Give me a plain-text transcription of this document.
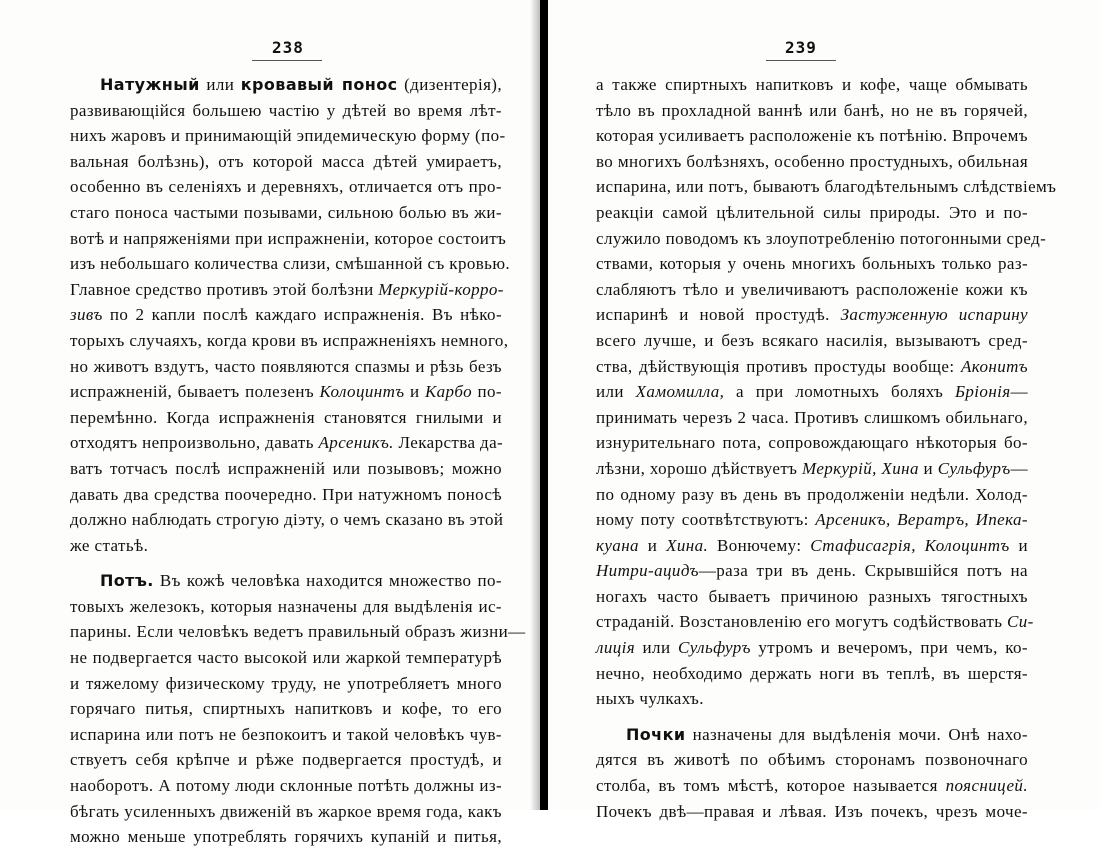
238
Натужный или кровавый понос (дизентерія),
развивающійся большею частію у дѣтей во время лѣт-
нихъ жаровъ и принимающій эпидемическую форму (по-
вальная болѣзнь), отъ которой масса дѣтей умираетъ,
особенно въ селеніяхъ и деревняхъ, отличается отъ про-
стаго поноса частыми позывами, сильною болью въ жи-
вотѣ и напряженіями при испражненіи, которое состоитъ
изъ небольшаго количества слизи, смѣшанной съ кровью.
Главное средство противъ этой болѣзни Меркурій-корро-
зивъ по 2 капли послѣ каждаго испражненія. Въ нѣко-
торыхъ случаяхъ, когда крови въ испражненіяхъ немного,
но животъ вздутъ, часто появляются спазмы и рѣзь безъ
испражненій, бываетъ полезенъ Колоцинтъ и Карбо по-
перемѣнно. Когда испражненія становятся гнилыми и
отходятъ непроизвольно, давать Арсеникъ. Лекарства да-
ватъ тотчасъ послѣ испражненій или позывовъ; можно
давать два средства поочередно. При натужномъ поносѣ
должно наблюдать строгую діэту, о чемъ сказано въ этой
же статьѣ.
Потъ. Въ кожѣ человѣка находится множество по-
товыхъ железокъ, которыя назначены для выдѣленія ис-
парины. Если человѣкъ ведетъ правильный образъ жизни—
не подвергается часто высокой или жаркой температурѣ
и тяжелому физическому труду, не употребляетъ много
горячаго питья, спиртныхъ напитковъ и кофе, то его
испарина или потъ не безпокоитъ и такой человѣкъ чув-
ствуетъ себя крѣпче и рѣже подвергается простудѣ, и
наоборотъ. А потому люди склонные потѣть должны из-
бѣгать усиленныхъ движеній въ жаркое время года, какъ
можно меньше употреблять горячихъ купаній и питья,
239
а также спиртныхъ напитковъ и кофе, чаще обмывать
тѣло въ прохладной ваннѣ или банѣ, но не въ горячей,
которая усиливаетъ расположеніе къ потѣнію. Впрочемъ
во многихъ болѣзняхъ, особенно простудныхъ, обильная
испарина, или потъ, бываютъ благодѣтельнымъ слѣдствіемъ
реакціи самой цѣлительной силы природы. Это и по-
служило поводомъ къ злоупотребленію потогонными сред-
ствами, которыя у очень многихъ больныхъ только раз-
слабляютъ тѣло и увеличиваютъ расположеніе кожи къ
испаринѣ и новой простудѣ. Застуженную испарину
всего лучше, и безъ всякаго насилія, вызываютъ сред-
ства, дѣйствующія противъ простуды вообще: Аконитъ
или Хамомилла, а при ломотныхъ боляхъ Бріонія—
принимать черезъ 2 часа. Противъ слишкомъ обильнаго,
изнурительнаго пота, сопровождающаго нѣкоторыя бо-
лѣзни, хорошо дѣйствуетъ Меркурій, Хина и Сульфуръ—
по одному разу въ день въ продолженіи недѣли. Холод-
ному поту соотвѣтствуютъ: Арсеникъ, Вератръ, Ипека-
куана и Хина. Вонючему: Стафисагрія, Колоцинтъ и
Нитри-ацидъ—раза три въ день. Скрывшійся потъ на
ногахъ часто бываетъ причиною разныхъ тягостныхъ
страданій. Возстановленію его могутъ содѣйствовать Си-
лиція или Сульфуръ утромъ и вечеромъ, при чемъ, ко-
нечно, необходимо держать ноги въ теплѣ, въ шерстя-
ныхъ чулкахъ.
Почки назначены для выдѣленія мочи. Онѣ нахо-
дятся въ животѣ по обѣимъ сторонамъ позвоночнаго
столба, въ томъ мѣстѣ, которое называется поясницей.
Почекъ двѣ—правая и лѣвая. Изъ почекъ, чрезъ моче-
